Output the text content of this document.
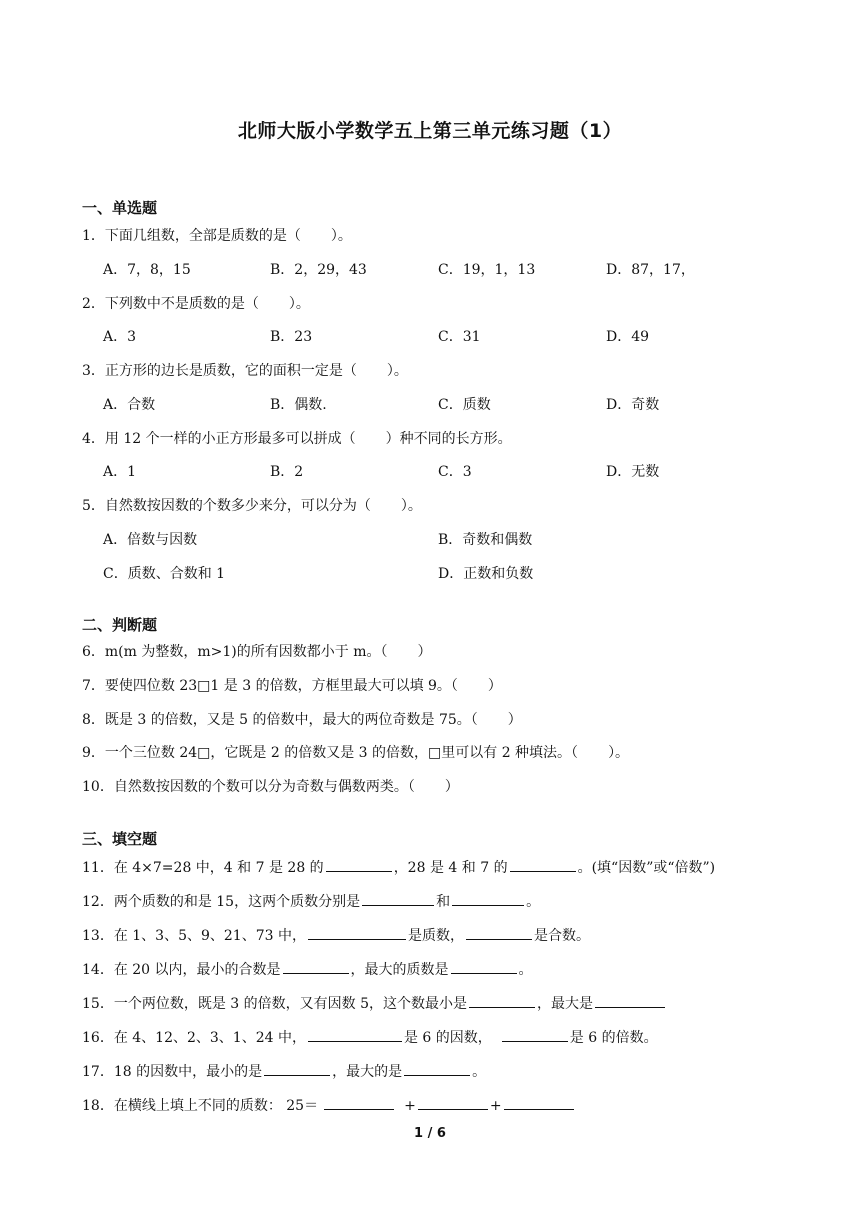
北师大版小学数学五上第三单元练习题（1）
一、单选题
1．下面几组数，全部是质数的是（ ）。
A．7，8，15	B．2，29，43	C．19，1，13	D．87，17，
2．下列数中不是质数的是（ ）。
A．3	B．23	C．31	D．49
3．正方形的边长是质数，它的面积一定是（ ）。
A．合数	B．偶数.	C．质数	D．奇数
4．用 12 个一样的小正方形最多可以拼成（ ）种不同的长方形。
A．1	B．2	C．3	D．无数
5．自然数按因数的个数多少来分，可以分为（ ）。
A．倍数与因数	B．奇数和偶数
C．质数、合数和 1	D．正数和负数
二、判断题
6．m(m 为整数，m>1)的所有因数都小于 m。（ ）
7．要使四位数 23□1 是 3 的倍数，方框里最大可以填 9。（ ）
8．既是 3 的倍数，又是 5 的倍数中，最大的两位奇数是 75。（ ）
9．一个三位数 24□，它既是 2 的倍数又是 3 的倍数，□里可以有 2 种填法。（ ）。
10．自然数按因数的个数可以分为奇数与偶数两类。（ ）
三、填空题
11．在 4×7=28 中，4 和 7 是 28 的	，28 是 4 和 7 的	。(填“因数”或“倍数”)
12．两个质数的和是 15，这两个质数分别是	和	。
13．在 1、3、5、9、21、73 中，	是质数，	是合数。
14．在 20 以内，最小的合数是	，最大的质数是	。
15．一个两位数，既是 3 的倍数，又有因数 5，这个数最小是	，最大是
16．在 4、12、2、3、1、24 中，	是 6 的因数，	是 6 的倍数。
17．18 的因数中，最小的是	，最大的是	。
18．在横线上填上不同的质数： 25＝	+	+
1 / 6
